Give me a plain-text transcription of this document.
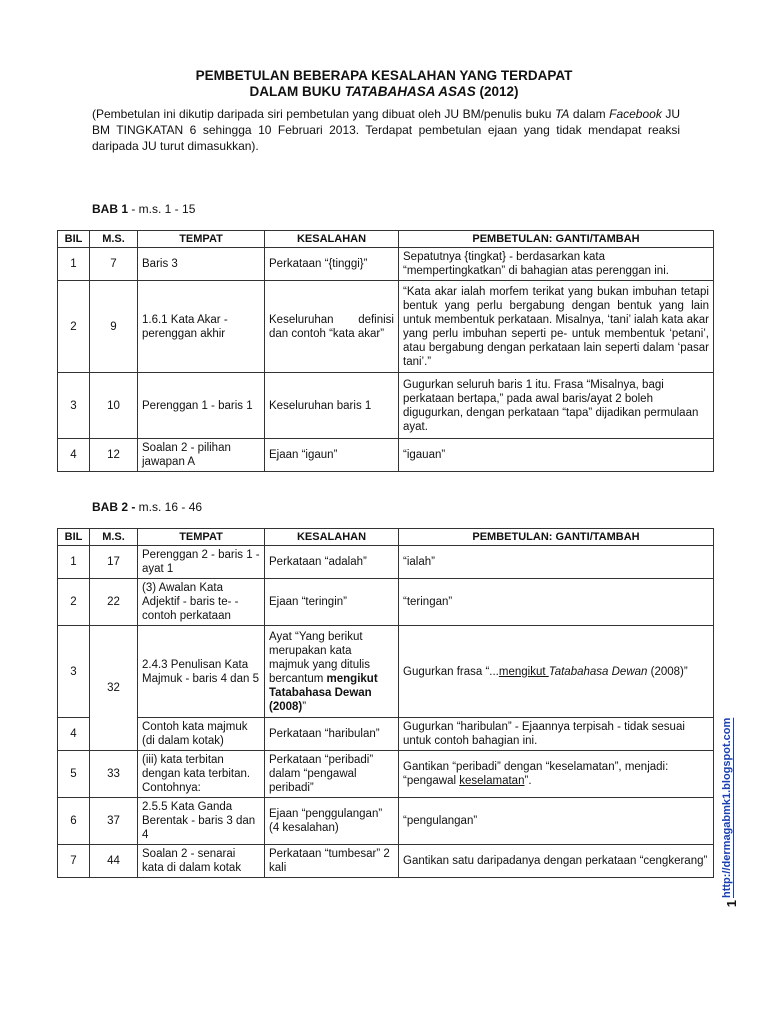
PEMBETULAN BEBERAPA KESALAHAN YANG TERDAPAT
DALAM BUKU TATABAHASA ASAS (2012)
(Pembetulan ini dikutip daripada siri pembetulan yang dibuat oleh JU BM/penulis buku TA dalam Facebook JU BM TINGKATAN 6 sehingga 10 Februari 2013. Terdapat pembetulan ejaan yang tidak mendapat reaksi daripada JU turut dimasukkan).
BAB 1 - m.s. 1 - 15
BIL	M.S.	TEMPAT	KESALAHAN	PEMBETULAN: GANTI/TAMBAH
1	7	Baris 3	Perkataan “{tinggi}”	Sepatutnya {tingkat} - berdasarkan kata “mempertingkatkan” di bahagian atas perenggan ini.
2	9	1.6.1 Kata Akar - perenggan akhir	Keseluruhan definisi dan contoh “kata akar”	“Kata akar ialah morfem terikat yang bukan imbuhan tetapi bentuk yang perlu bergabung dengan bentuk yang lain untuk membentuk perkataan. Misalnya, ‘tani’ ialah kata akar yang perlu imbuhan seperti pe- untuk membentuk ‘petani’, atau bergabung dengan perkataan lain seperti dalam ‘pasar tani’.”
3	10	Perenggan 1 - baris 1	Keseluruhan baris 1	Gugurkan seluruh baris 1 itu. Frasa “Misalnya, bagi perkataan bertapa,” pada awal baris/ayat 2 boleh digugurkan, dengan perkataan “tapa” dijadikan permulaan ayat.
4	12	Soalan 2 - pilihan jawapan A	Ejaan “igaun”	“igauan”
BAB 2 - m.s. 16 - 46
BIL	M.S.	TEMPAT	KESALAHAN	PEMBETULAN: GANTI/TAMBAH
1	17	Perenggan 2 - baris 1 - ayat 1	Perkataan “adalah”	“ialah”
2	22	(3) Awalan Kata Adjektif - baris te- - contoh perkataan	Ejaan “teringin”	“teringan”
3	32	2.4.3 Penulisan Kata Majmuk - baris 4 dan 5	Ayat “Yang berikut merupakan kata majmuk yang ditulis bercantum mengikut Tatabahasa Dewan (2008)”	Gugurkan frasa “...mengikut Tatabahasa Dewan (2008)”
4		Contoh kata majmuk (di dalam kotak)	Perkataan “haribulan”	Gugurkan “haribulan” - Ejaannya terpisah - tidak sesuai untuk contoh bahagian ini.
5	33	(iii) kata terbitan dengan kata terbitan. Contohnya:	Perkataan “peribadi” dalam “pengawal peribadi”	Gantikan “peribadi” dengan “keselamatan”, menjadi: “pengawal keselamatan”.
6	37	2.5.5 Kata Ganda Berentak - baris 3 dan 4	Ejaan “penggulangan” (4 kesalahan)	“pengulangan”
7	44	Soalan 2 - senarai kata di dalam kotak	Perkataan “tumbesar” 2 kali	Gantikan satu daripadanya dengan perkataan “cengkerang” http://dermagabmk1.blogspot.com
1
